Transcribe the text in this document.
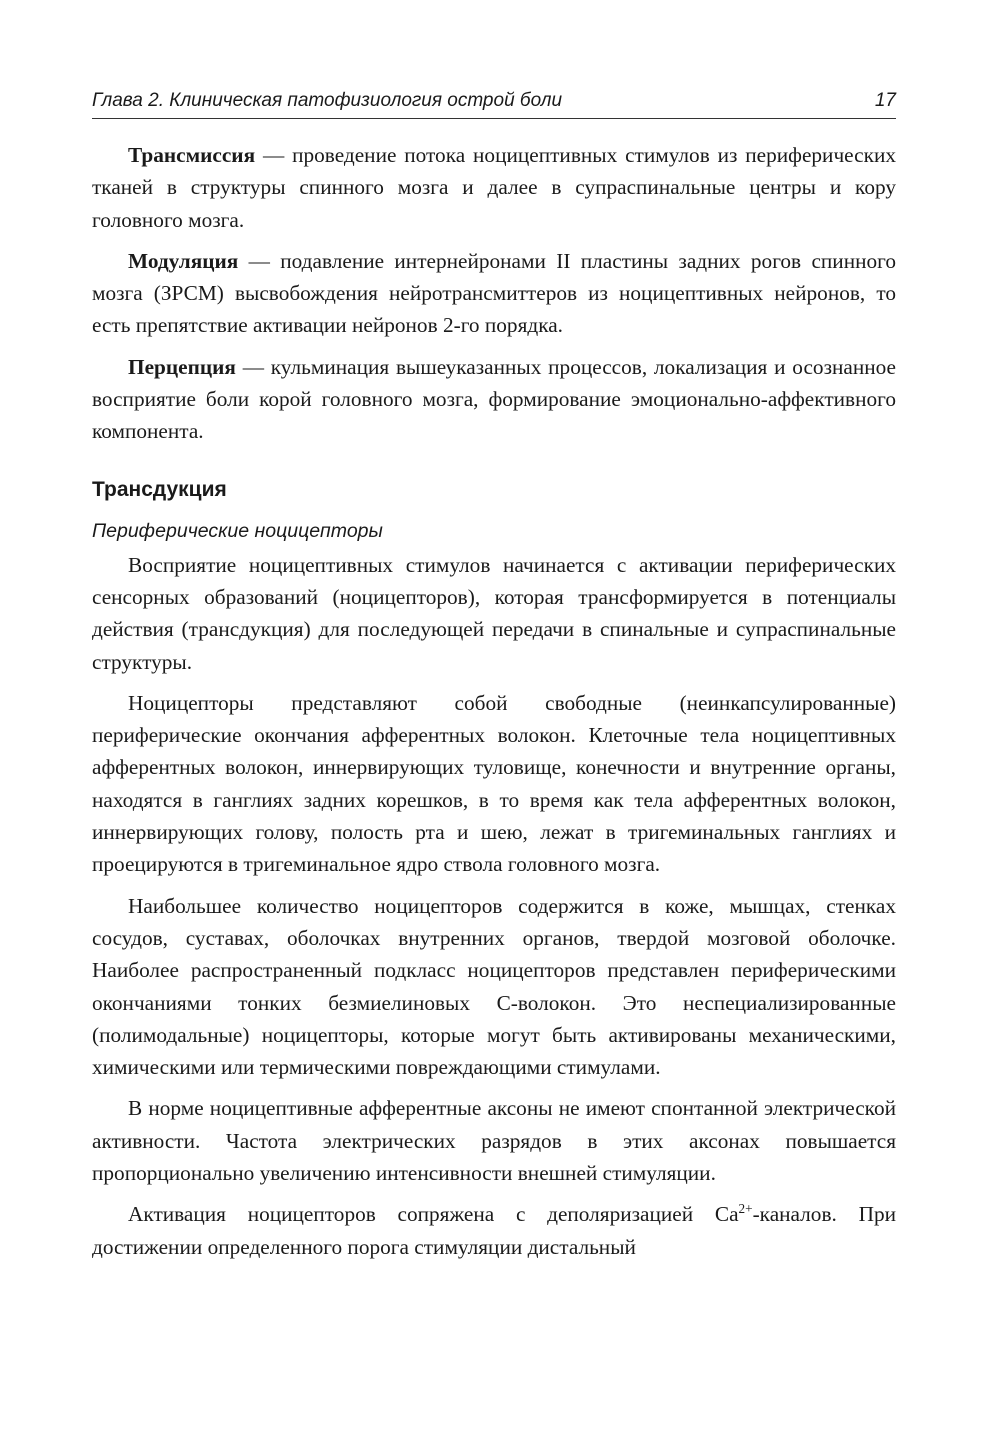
Глава 2. Клиническая патофизиология острой боли	17

Трансмиссия — проведение потока ноцицептивных стимулов из периферических тканей в структуры спинного мозга и далее в супраспинальные центры и кору головного мозга.

Модуляция — подавление интернейронами II пластины задних рогов спинного мозга (ЗРСМ) высвобождения нейротрансмиттеров из ноцицептивных нейронов, то есть препятствие активации нейронов 2-го порядка.

Перцепция — кульминация вышеуказанных процессов, локализация и осознанное восприятие боли корой головного мозга, формирование эмоционально-аффективного компонента.

Трансдукция
Периферические ноцицепторы

Восприятие ноцицептивных стимулов начинается с активации периферических сенсорных образований (ноцицепторов), которая трансформируется в потенциалы действия (трансдукция) для последующей передачи в спинальные и супраспинальные структуры.

Ноцицепторы представляют собой свободные (неинкапсулированные) периферические окончания афферентных волокон. Клеточные тела ноцицептивных афферентных волокон, иннервирующих туловище, конечности и внутренние органы, находятся в ганглиях задних корешков, в то время как тела афферентных волокон, иннервирующих голову, полость рта и шею, лежат в тригеминальных ганглиях и проецируются в тригеминальное ядро ствола головного мозга.

Наибольшее количество ноцицепторов содержится в коже, мышцах, стенках сосудов, суставах, оболочках внутренних органов, твердой мозговой оболочке. Наиболее распространенный подкласс ноцицепторов представлен периферическими окончаниями тонких безмиелиновых С-волокон. Это неспециализированные (полимодальные) ноцицепторы, которые могут быть активированы механическими, химическими или термическими повреждающими стимулами.

В норме ноцицептивные афферентные аксоны не имеют спонтанной электрической активности. Частота электрических разрядов в этих аксонах повышается пропорционально увеличению интенсивности внешней стимуляции.

Активация ноцицепторов сопряжена с деполяризацией $Ca^{2+}$-каналов. При достижении определенного порога стимуляции дистальный
